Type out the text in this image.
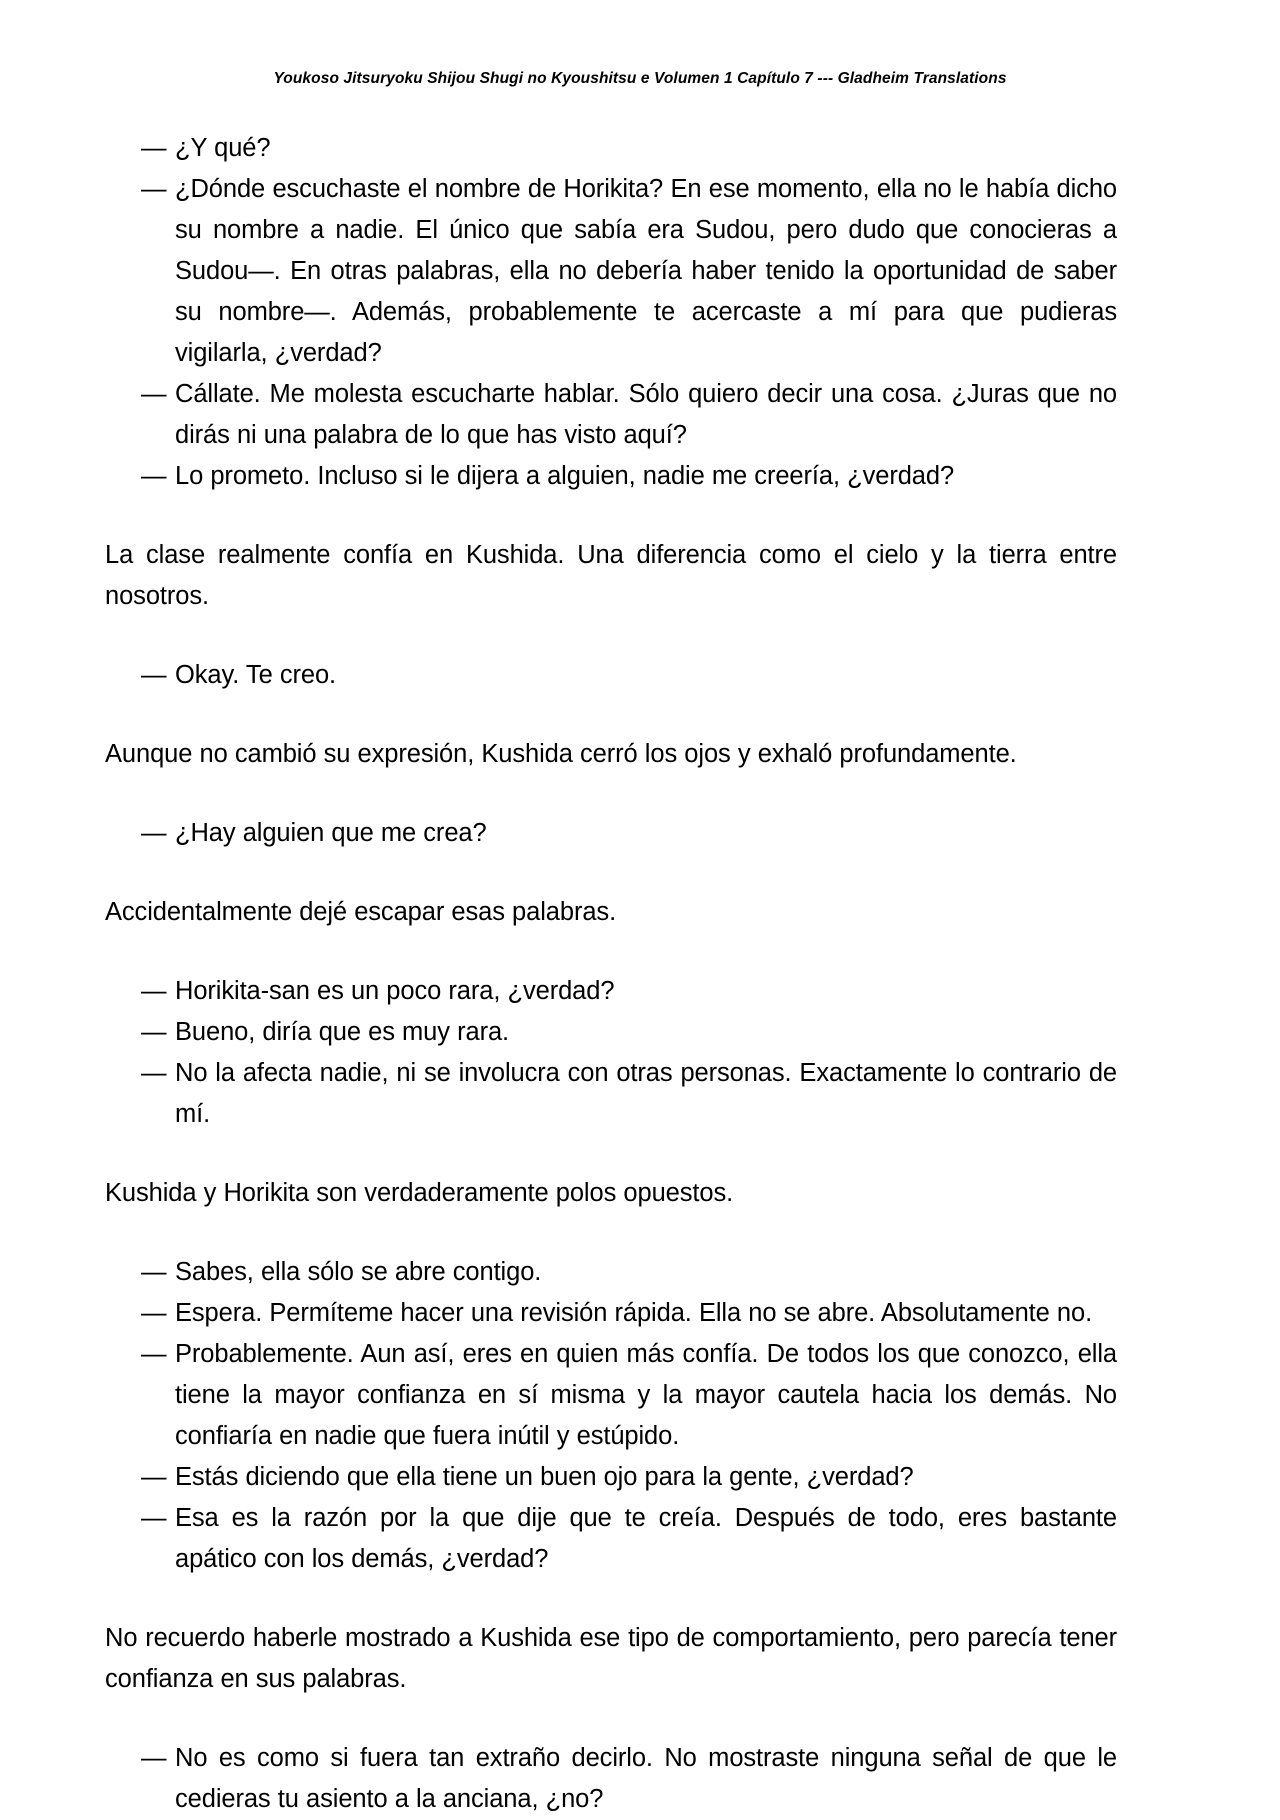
Youkoso Jitsuryoku Shijou Shugi no Kyoushitsu e Volumen 1 Capítulo 7 --- Gladheim Translations
— ¿Y qué?
— ¿Dónde escuchaste el nombre de Horikita? En ese momento, ella no le había dicho su nombre a nadie. El único que sabía era Sudou, pero dudo que conocieras a Sudou—. En otras palabras, ella no debería haber tenido la oportunidad de saber su nombre—. Además, probablemente te acercaste a mí para que pudieras vigilarla, ¿verdad?
— Cállate. Me molesta escucharte hablar. Sólo quiero decir una cosa. ¿Juras que no dirás ni una palabra de lo que has visto aquí?
— Lo prometo. Incluso si le dijera a alguien, nadie me creería, ¿verdad?

La clase realmente confía en Kushida. Una diferencia como el cielo y la tierra entre nosotros.

— Okay. Te creo.

Aunque no cambió su expresión, Kushida cerró los ojos y exhaló profundamente.

— ¿Hay alguien que me crea?

Accidentalmente dejé escapar esas palabras.

— Horikita-san es un poco rara, ¿verdad?
— Bueno, diría que es muy rara.
— No la afecta nadie, ni se involucra con otras personas. Exactamente lo contrario de mí.

Kushida y Horikita son verdaderamente polos opuestos.

— Sabes, ella sólo se abre contigo.
— Espera. Permíteme hacer una revisión rápida. Ella no se abre. Absolutamente no.
— Probablemente. Aun así, eres en quien más confía. De todos los que conozco, ella tiene la mayor confianza en sí misma y la mayor cautela hacia los demás. No confiaría en nadie que fuera inútil y estúpido.
— Estás diciendo que ella tiene un buen ojo para la gente, ¿verdad?
— Esa es la razón por la que dije que te creía. Después de todo, eres bastante apático con los demás, ¿verdad?

No recuerdo haberle mostrado a Kushida ese tipo de comportamiento, pero parecía tener confianza en sus palabras.

— No es como si fuera tan extraño decirlo. No mostraste ninguna señal de que le cedieras tu asiento a la anciana, ¿no?
